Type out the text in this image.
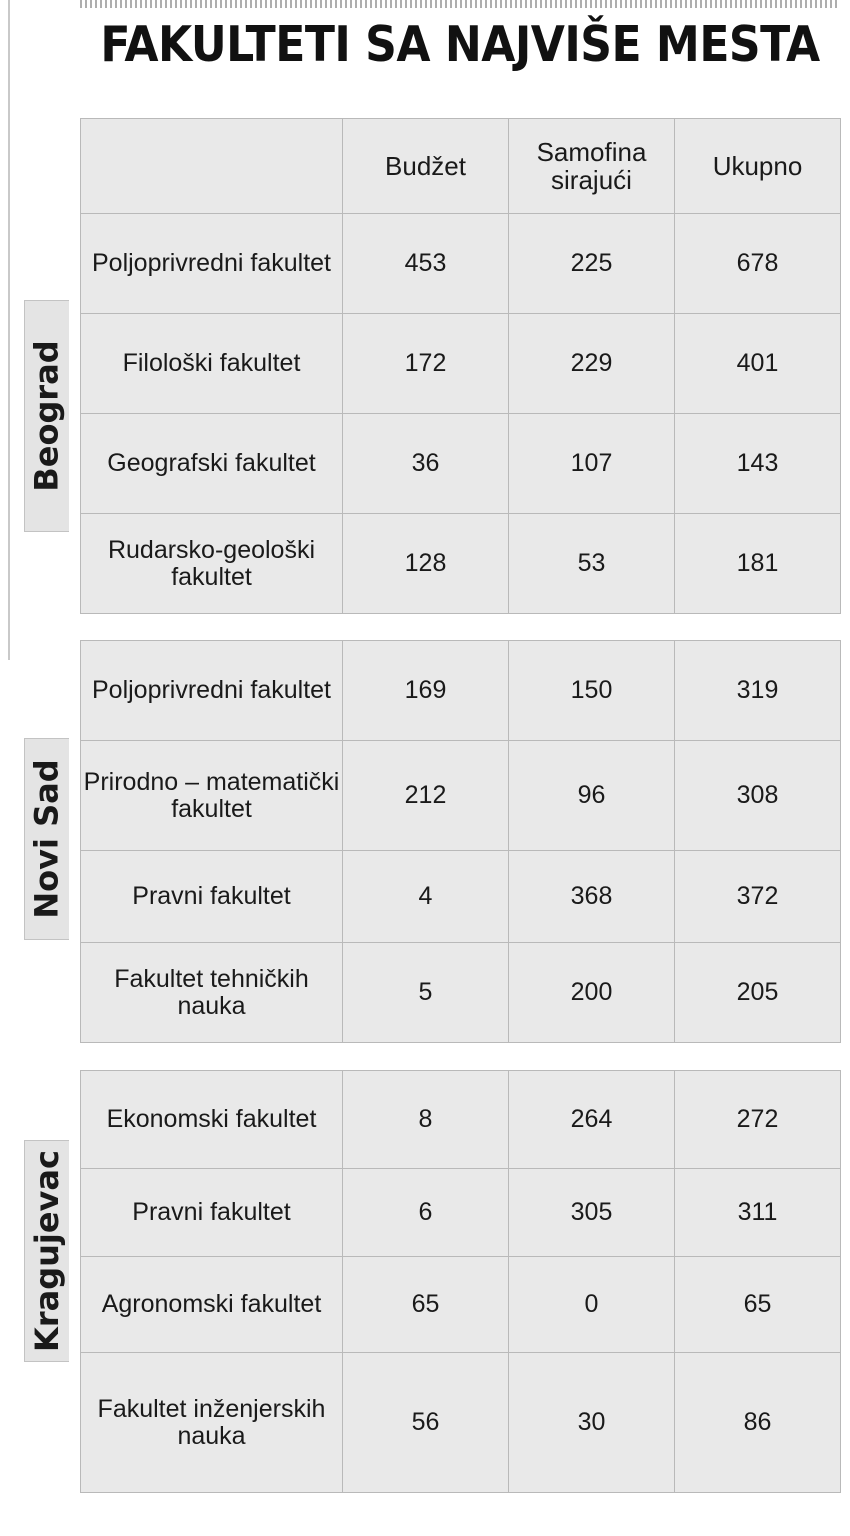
FAKULTETI SA NAJVIŠE MESTA
Beograd
	Budžet	Samofina sirajući	Ukupno
Poljoprivredni fakultet	453	225	678
Filološki fakultet	172	229	401
Geografski fakultet	36	107	143
Rudarsko-geološki fakultet	128	53	181
Novi Sad
Poljoprivredni fakultet	169	150	319
Prirodno – matematički fakultet	212	96	308
Pravni fakultet	4	368	372
Fakultet tehničkih nauka	5	200	205
Kragujevac
Ekonomski fakultet	8	264	272
Pravni fakultet	6	305	311
Agronomski fakultet	65	0	65
Fakultet inženjerskih nauka	56	30	86
